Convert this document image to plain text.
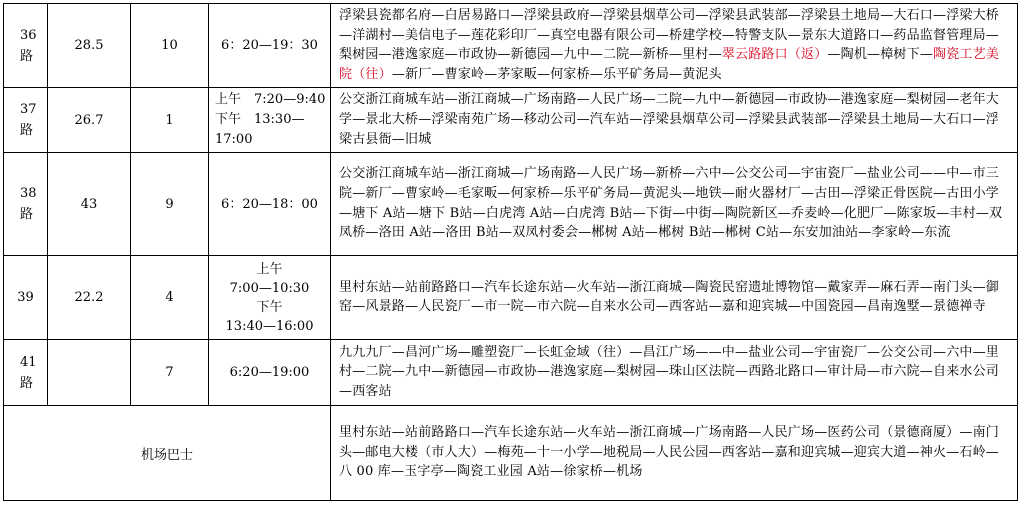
36路	28.5	10	6：20—19：30	浮梁县瓷都名府—白居易路口—浮梁县政府—浮梁县烟草公司—浮梁县武装部—浮梁县土地局—大石口—浮梁大桥—洋湖村—美信电子—莲花彩印厂—真空电器有限公司—桥建学校—特警支队—景东大道路口—药品监督管理局—梨树园—港逸家庭—市政协—新德园—九中—二院—新桥—里村—翠云路路口（返）—陶机—樟树下—陶瓷工艺美院（往）—新厂—曹家岭—茅家畈—何家桥—乐平矿务局—黄泥头
37路	26.7	1	上午　7:20—9:40
下午　13:30—17:00	公交浙江商城车站—浙江商城—广场南路—人民广场—二院—九中—新德园—市政协—港逸家庭—梨树园—老年大学—景北大桥—浮梁南苑广场—移动公司—汽车站—浮梁县烟草公司—浮梁县武装部—浮梁县土地局—大石口—浮梁古县衙—旧城
38路	43	9	6：20—18：00	公交浙江商城车站—浙江商城—广场南路—人民广场—新桥—六中—公交公司—宇宙瓷厂—盐业公司——中—市三院—新厂—曹家岭—毛家畈—何家桥—乐平矿务局—黄泥头—地铁—耐火器材厂—古田—浮梁正骨医院—古田小学—塘下 A站—塘下 B站—白虎湾 A站—白虎湾 B站—下街—中街—陶院新区—乔麦岭—化肥厂—陈家坂—丰村—双凤桥—洛田 A站—洛田 B站—双凤村委会—郴树 A站—郴树 B站—郴树 C站—东安加油站—李家岭—东流
39	22.2	4	上午
7:00—10:30
下午
13:40—16:00	里村东站—站前路路口—汽车长途东站—火车站—浙江商城—陶瓷民窑遗址博物馆—戴家弄—麻石弄—南门头—御窑—风景路—人民瓷厂—市一院—市六院—自来水公司—西客站—嘉和迎宾城—中国瓷园—昌南逸墅—景德禅寺
41路		7	6:20—19:00	九九九厂—昌河广场—雕塑瓷厂—长虹金域（往）—昌江广场——中—盐业公司—宇宙瓷厂—公交公司—六中—里村—二院—九中—新德园—市政协—港逸家庭—梨树园—珠山区法院—西路北路口—审计局—市六院—自来水公司—西客站
机场巴士				里村东站—站前路路口—汽车长途东站—火车站—浙江商城—广场南路—人民广场—医药公司（景德商厦）—南门头—邮电大楼（市人大）—梅苑—十一小学—地税局—人民公园—西客站—嘉和迎宾城—迎宾大道—神火—石岭—八 00 库—玉字亭—陶瓷工业园 A站—徐家桥—机场
